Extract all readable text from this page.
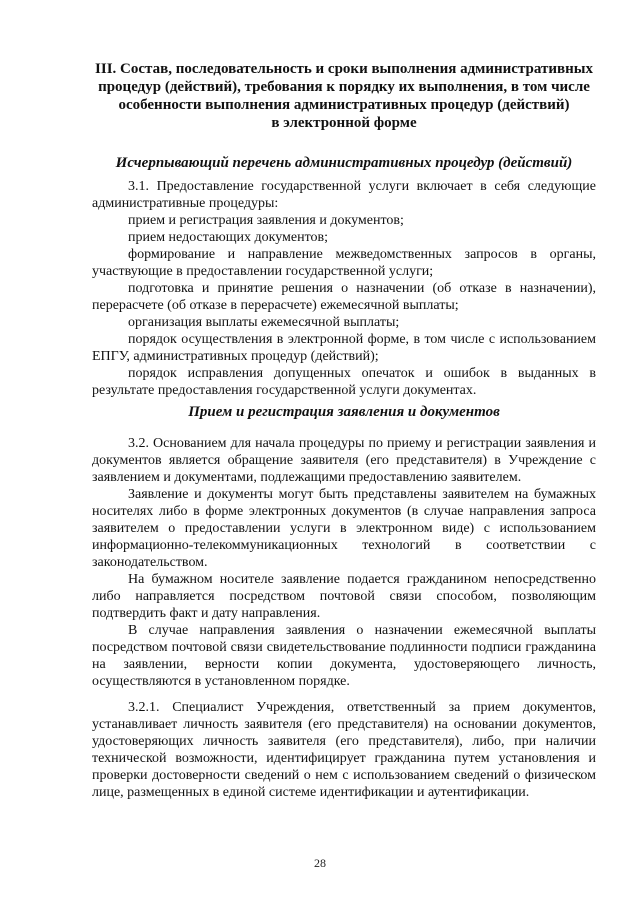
III. Состав, последовательность и сроки выполнения административных
процедур (действий), требования к порядку их выполнения, в том числе
особенности выполнения административных процедур (действий)
в электронной форме
Исчерпывающий перечень административных процедур (действий)

3.1. Предоставление государственной услуги включает в себя следующие административные процедуры:

прием и регистрация заявления и документов;

прием недостающих документов;

формирование и направление межведомственных запросов в органы, участвующие в предоставлении государственной услуги;

подготовка и принятие решения о назначении (об отказе в назначении), перерасчете (об отказе в перерасчете) ежемесячной выплаты;

организация выплаты ежемесячной выплаты;

порядок осуществления в электронной форме, в том числе с использованием ЕПГУ, административных процедур (действий);

порядок исправления допущенных опечаток и ошибок в выданных в результате предоставления государственной услуги документах.

Прием и регистрация заявления и документов

3.2. Основанием для начала процедуры по приему и регистрации заявления и документов является обращение заявителя (его представителя) в Учреждение с заявлением и документами, подлежащими предоставлению заявителем.

Заявление и документы могут быть представлены заявителем на бумажных носителях либо в форме электронных документов (в случае направления запроса заявителем о предоставлении услуги в электронном виде) с использованием информационно-телекоммуникационных технологий в соответствии с законодательством.

На бумажном носителе заявление подается гражданином непосредственно либо направляется посредством почтовой связи способом, позволяющим подтвердить факт и дату направления.

В случае направления заявления о назначении ежемесячной выплаты посредством почтовой связи свидетельствование подлинности подписи гражданина на заявлении, верности копии документа, удостоверяющего личность, осуществляются в установленном порядке.

3.2.1. Специалист Учреждения, ответственный за прием документов, устанавливает личность заявителя (его представителя) на основании документов, удостоверяющих личность заявителя (его представителя), либо, при наличии технической возможности, идентифицирует гражданина путем установления и проверки достоверности сведений о нем с использованием сведений о физическом лице, размещенных в единой системе идентификации и аутентификации.

28
